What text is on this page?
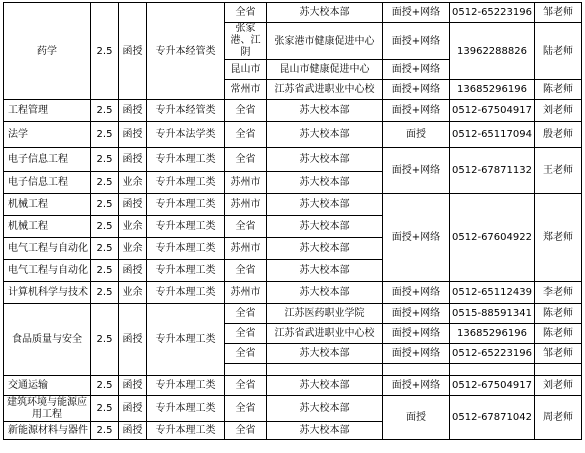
药学	2.5	函授	专升本经管类	全省	苏大校本部	面授+网络	0512-65223196	邹老师	
				张家港、江阴	张家港市健康促进中心	面授+网络	13962288826	陆老师	
				昆山市	昆山市健康促进中心	面授+网络		
				常州市	江苏省武进职业中心校	面授+网络	13685296196	陈老师	
工程管理	2.5	函授	专升本经管类	全省	苏大校本部	面授+网络	0512-67504917	刘老师	
法学	2.5	函授	专升本法学类	全省	苏大校本部	面授	0512-65117094	殷老师	
电子信息工程	2.5	函授	专升本理工类	全省	苏大校本部	面授+网络	0512-67871132	王老师	
电子信息工程	2.5	业余	专升本理工类	苏州市	苏大校本部				
机械工程	2.5	函授	专升本理工类	苏州市	苏大校本部	面授+网络	0512-67604922	郑老师	
机械工程	2.5	业余	专升本理工类	全省	苏大校本部				
电气工程与自动化	2.5	业余	专升本理工类	苏州市	苏大校本部				
电气工程与自动化	2.5	函授	专升本理工类	全省	苏大校本部				
计算机科学与技术	2.5	业余	专升本理工类	苏州市	苏大校本部	面授+网络	0512-65112439	李老师	
食品质量与安全	2.5	函授	专升本理工类	全省	江苏医药职业学院	面授+网络	0515-88591341	陈老师	
				全省	江苏省武进职业中心校	面授+网络	13685296196	陈老师	
				全省	苏大校本部	面授+网络	0512-65223196	邹老师	

交通运输	2.5	函授	专升本理工类	全省	苏大校本部	面授+网络	0512-67504917	刘老师	
建筑环境与能源应用工程	2.5	函授	专升本理工类	全省	苏大校本部	面授	0512-67871042	周老师	
新能源材料与器件	2.5	函授	专升本理工类	全省	苏大校本部				
